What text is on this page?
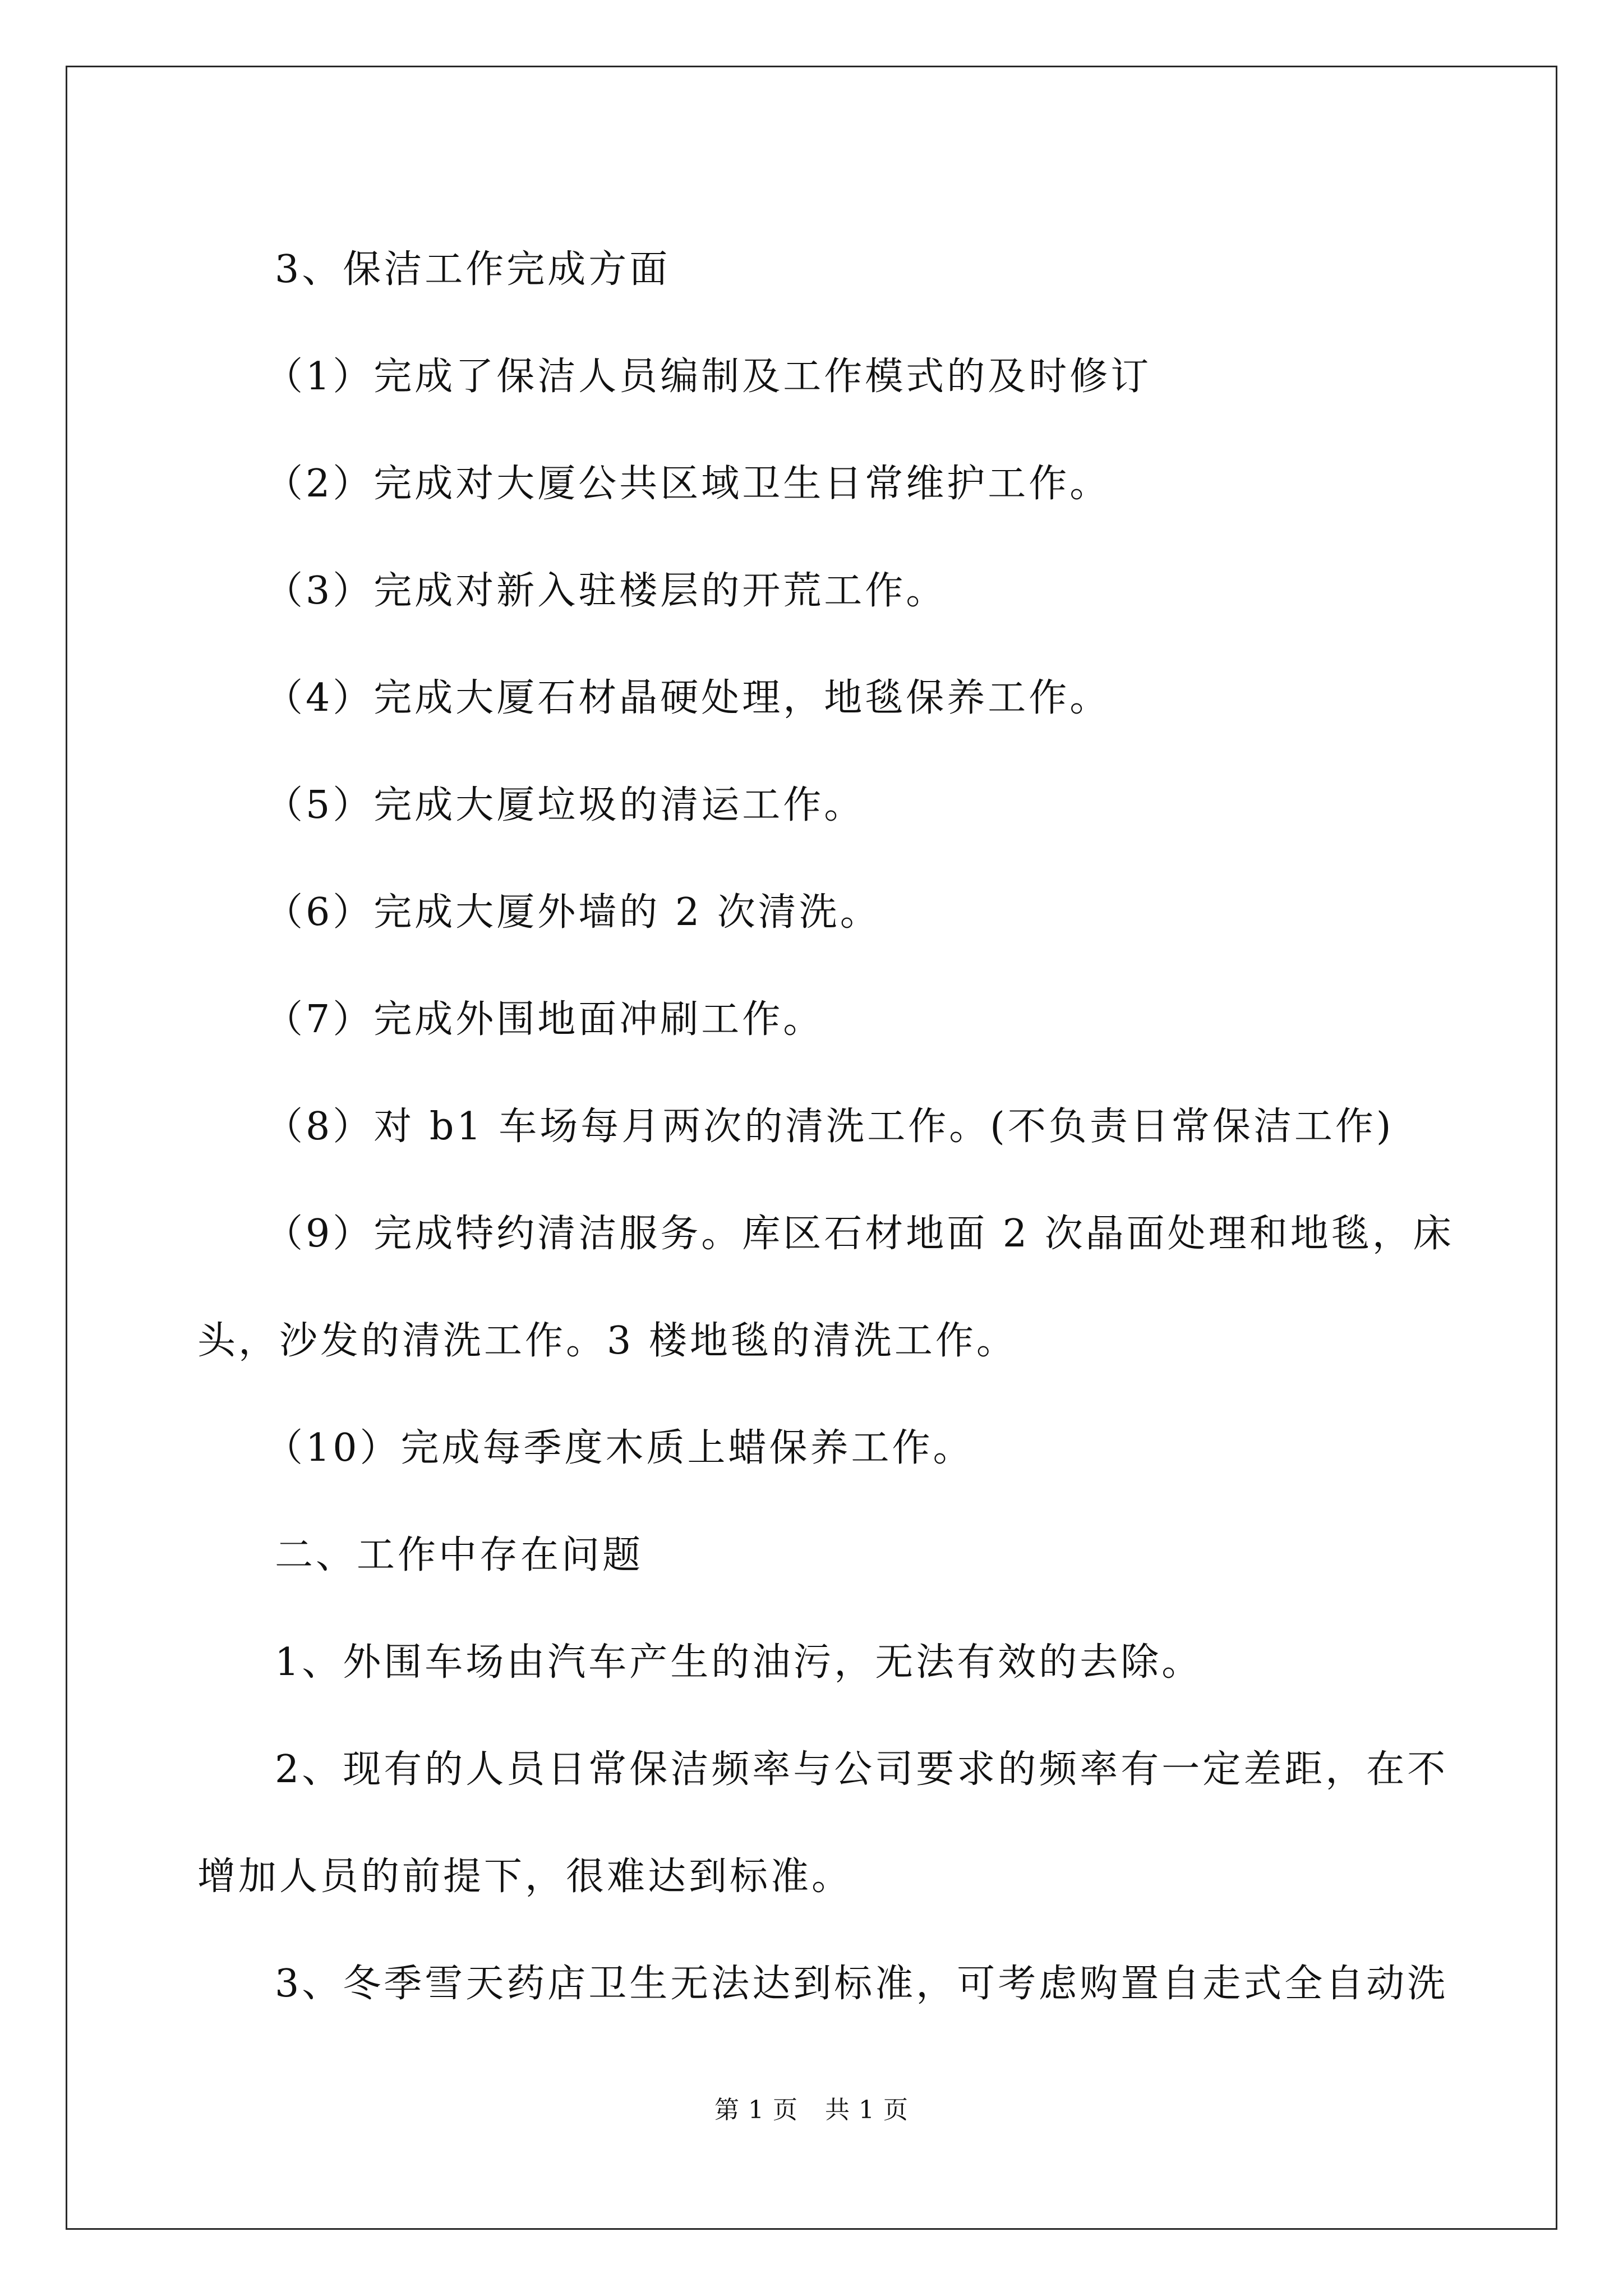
3、保洁工作完成方面

（1）完成了保洁人员编制及工作模式的及时修订

（2）完成对大厦公共区域卫生日常维护工作。

（3）完成对新入驻楼层的开荒工作。

（4）完成大厦石材晶硬处理，地毯保养工作。

（5）完成大厦垃圾的清运工作。

（6）完成大厦外墙的 2 次清洗。

（7）完成外围地面冲刷工作。

（8）对 b1 车场每月两次的清洗工作。(不负责日常保洁工作)

（9）完成特约清洁服务。库区石材地面 2 次晶面处理和地毯，床

头，沙发的清洗工作。3 楼地毯的清洗工作。

（10）完成每季度木质上蜡保养工作。

二、工作中存在问题

1、外围车场由汽车产生的油污，无法有效的去除。

2、现有的人员日常保洁频率与公司要求的频率有一定差距，在不

增加人员的前提下，很难达到标准。

3、冬季雪天药店卫生无法达到标准，可考虑购置自走式全自动洗

第 1 页 共 1 页
